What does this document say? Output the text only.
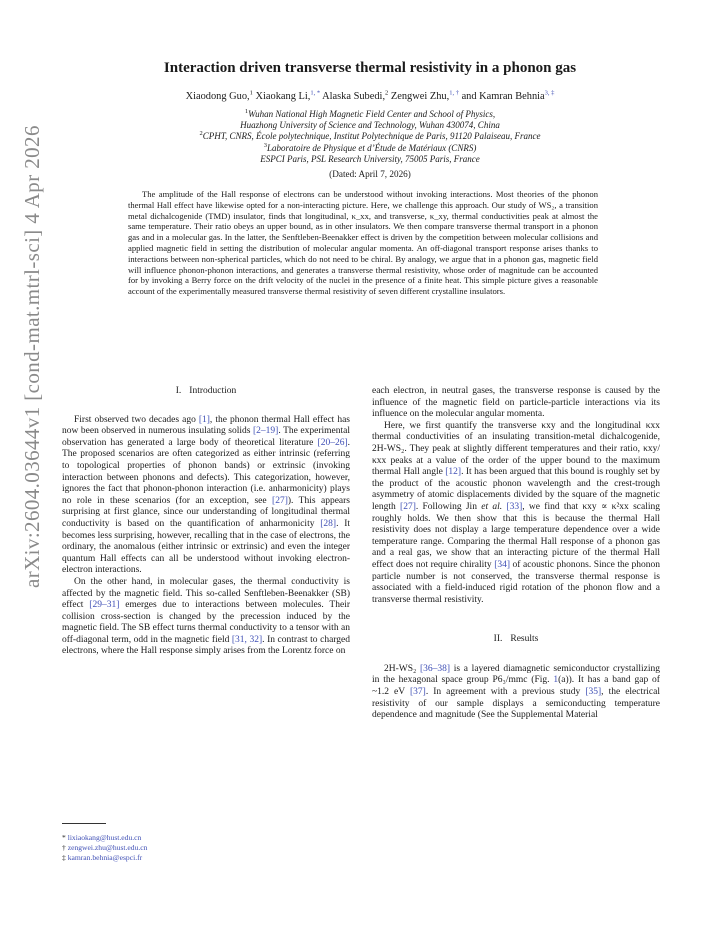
arXiv:2604.03644v1 [cond-mat.mtrl-sci] 4 Apr 2026
Interaction driven transverse thermal resistivity in a phonon gas
Xiaodong Guo,$^1$ Xiaokang Li,$^{1, *}$ Alaska Subedi,$^2$ Zengwei Zhu,$^{1, \dagger}$ and Kamran Behnia$^{3, \ddagger}$
$^1$Wuhan National High Magnetic Field Center and School of Physics,
Huazhong University of Science and Technology, Wuhan 430074, China
$^2$CPHT, CNRS, École polytechnique, Institut Polytechnique de Paris, 91120 Palaiseau, France
$^3$Laboratoire de Physique et d’Étude de Matériaux (CNRS)
ESPCI Paris, PSL Research University, 75005 Paris, France
(Dated: April 7, 2026)
The amplitude of the Hall response of electrons can be understood without invoking interactions. Most theories of the phonon thermal Hall effect have likewise opted for a non-interacting picture. Here, we challenge this approach. Our study of WS₂, a transition metal dichalcogenide (TMD) insulator, finds that longitudinal, κ_xx, and transverse, κ_xy, thermal conductivities peak at almost the same temperature. Their ratio obeys an upper bound, as in other insulators. We then compare transverse thermal transport in a phonon gas and in a molecular gas. In the latter, the Senftleben-Beenakker effect is driven by the competition between molecular collisions and applied magnetic field in setting the distribution of molecular angular momenta. An off-diagonal transport response arises thanks to interactions between non-spherical particles, which do not need to be chiral. By analogy, we argue that in a phonon gas, magnetic field will influence phonon-phonon interactions, and generates a transverse thermal resistivity, whose order of magnitude can be accounted for by invoking a Berry force on the drift velocity of the nuclei in the presence of a finite heat. This simple picture gives a reasonable account of the experimentally measured transverse thermal resistivity of seven different crystalline insulators.
I. Introduction

First observed two decades ago [1], the phonon thermal Hall effect has now been observed in numerous insulating solids [2–19]. The experimental observation has generated a large body of theoretical literature [20–26]. The proposed scenarios are often categorized as either intrinsic (referring to topological properties of phonon bands) or extrinsic (invoking interaction between phonons and defects). This categorization, however, ignores the fact that phonon-phonon interaction (i.e. anharmonicity) plays no role in these scenarios (for an exception, see [27]). This appears surprising at first glance, since our understanding of longitudinal thermal conductivity is based on the quantification of anharmonicity [28]. It becomes less surprising, however, recalling that in the case of electrons, the ordinary, the anomalous (either intrinsic or extrinsic) and even the integer quantum Hall effects can all be understood without invoking electron-electron interactions.

On the other hand, in molecular gases, the thermal conductivity is affected by the magnetic field. This so-called Senftleben-Beenakker (SB) effect [29–31] emerges due to interactions between molecules. Their collision cross-section is changed by the precession induced by the magnetic field. The SB effect turns thermal conductivity to a tensor with an off-diagonal term, odd in the magnetic field [31, 32]. In contrast to charged electrons, where the Hall response simply arises from the Lorentz force on

each electron, in neutral gases, the transverse response is caused by the influence of the magnetic field on particle-particle interactions via its influence on the molecular angular momenta.

Here, we first quantify the transverse κxy and the longitudinal κxx thermal conductivities of an insulating transition-metal dichalcogenide, 2H-WS₂. They peak at slightly different temperatures and their ratio, κxy/κxx peaks at a value of the order of the upper bound to the maximum thermal Hall angle [12]. It has been argued that this bound is roughly set by the product of the acoustic phonon wavelength and the crest-trough asymmetry of atomic displacements divided by the square of the magnetic length [27]. Following Jin et al. [33], we find that κxy ∝ κ²xx scaling roughly holds. We then show that this is because the thermal Hall resistivity does not display a large temperature dependence over a wide temperature range. Comparing the thermal Hall response of a phonon gas and a real gas, we show that an interacting picture of the thermal Hall effect does not require chirality [34] of acoustic phonons. Since the phonon particle number is not conserved, the transverse thermal response is associated with a field-induced rigid rotation of the phonon flow and a transverse thermal resistivity.

II. Results

2H-WS₂ [36–38] is a layered diamagnetic semiconductor crystallizing in the hexagonal space group P6₃/mmc (Fig. 1(a)). It has a band gap of ~1.2 eV [37]. In agreement with a previous study [35], the electrical resistivity of our sample displays a semiconducting temperature dependence and magnitude (See the Supplemental Material

* lixiaokang@hust.edu.cn
† zengwei.zhu@hust.edu.cn
‡ kamran.behnia@espci.fr
